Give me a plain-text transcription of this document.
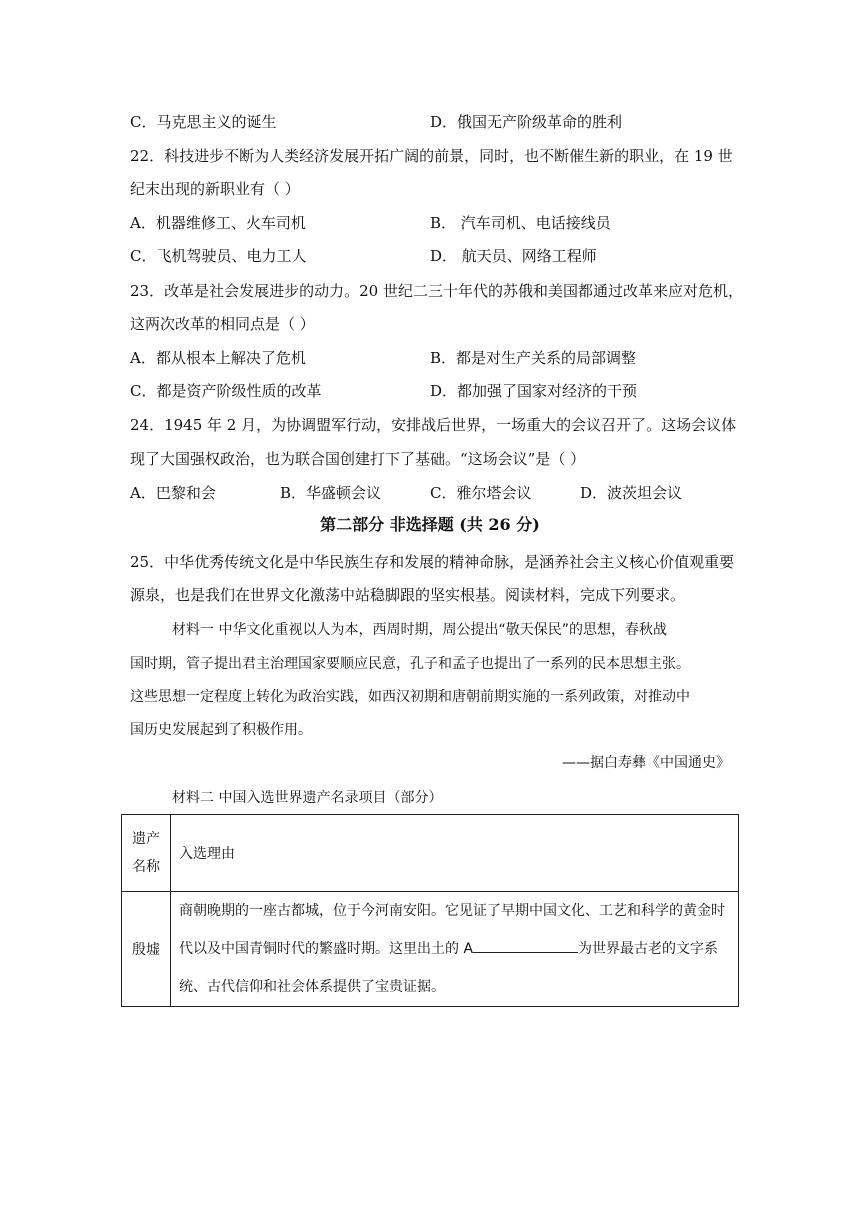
C．马克思主义的诞生	D．俄国无产阶级革命的胜利
22．科技进步不断为人类经济发展开拓广阔的前景，同时，也不断催生新的职业，在 19 世
纪末出现的新职业有（ ）
A．机器维修工、火车司机	B． 汽车司机、电话接线员
C．飞机驾驶员、电力工人	D． 航天员、网络工程师
23．改革是社会发展进步的动力。20 世纪二三十年代的苏俄和美国都通过改革来应对危机，
这两次改革的相同点是（ ）
A．都从根本上解决了危机	B．都是对生产关系的局部调整
C．都是资产阶级性质的改革	D．都加强了国家对经济的干预
24．1945 年 2 月，为协调盟军行动，安排战后世界，一场重大的会议召开了。这场会议体
现了大国强权政治，也为联合国创建打下了基础。“这场会议”是（ ）
A．巴黎和会	B．华盛顿会议	C．雅尔塔会议	D．波茨坦会议
第二部分 非选择题 (共 26 分)
25．中华优秀传统文化是中华民族生存和发展的精神命脉，是涵养社会主义核心价值观重要
源泉，也是我们在世界文化激荡中站稳脚跟的坚实根基。阅读材料，完成下列要求。
材料一 中华文化重视以人为本，西周时期，周公提出“敬天保民”的思想，春秋战
国时期，管子提出君主治理国家要顺应民意，孔子和孟子也提出了一系列的民本思想主张。
这些思想一定程度上转化为政治实践，如西汉初期和唐朝前期实施的一系列政策，对推动中
国历史发展起到了积极作用。
——据白寿彝《中国通史》
材料二 中国入选世界遗产名录项目（部分）
遗产名称	入选理由
殷墟	商朝晚期的一座古都城，位于今河南安阳。它见证了早期中国文化、工艺和科学的黄金时代以及中国青铜时代的繁盛时期。这里出土的 A 为世界最古老的文字系统、古代信仰和社会体系提供了宝贵证据。
